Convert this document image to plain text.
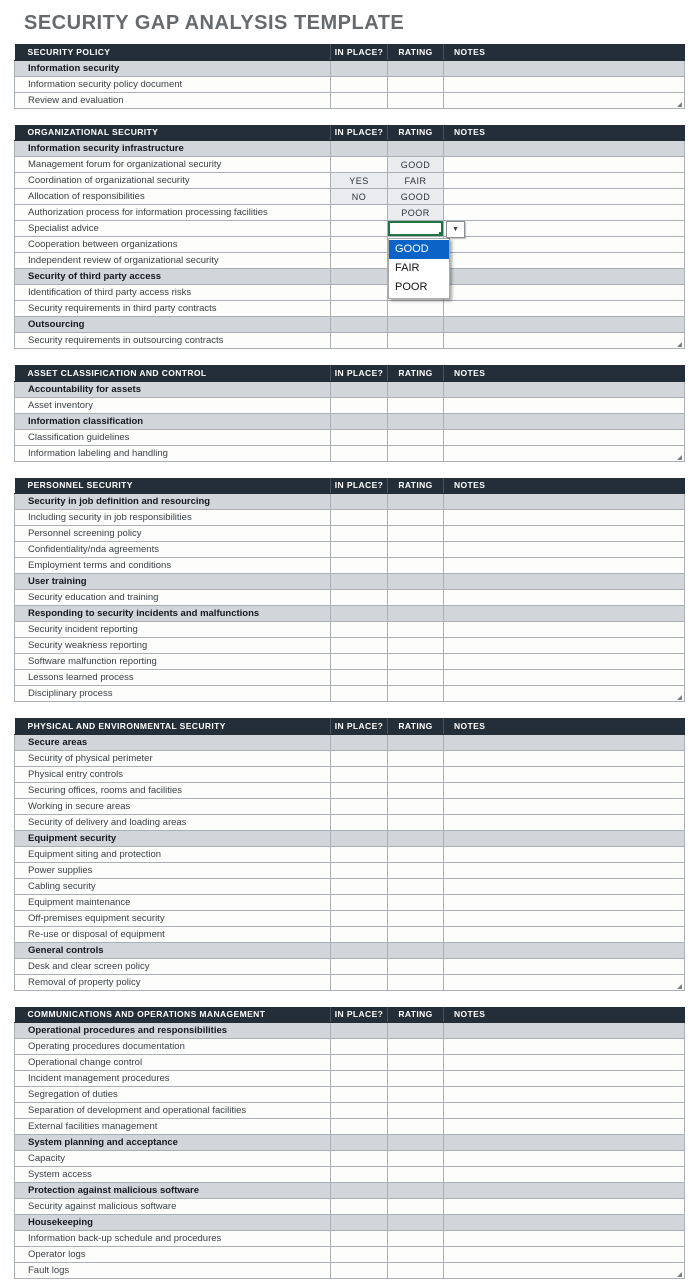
SECURITY GAP ANALYSIS TEMPLATE
SECURITY POLICY	IN PLACE?	RATING	NOTES
Information security			
Information security policy document			
Review and evaluation			
ORGANIZATIONAL SECURITY	IN PLACE?	RATING	NOTES
Information security infrastructure			
Management forum for organizational security		GOOD	
Coordination of organizational security	YES	FAIR	
Allocation of responsibilities	NO	GOOD	
Authorization process for information processing facilities		POOR	
Specialist advice			
Cooperation between organizations			
Independent review of organizational security			
Security of third party access			
Identification of third party access risks			
Security requirements in third party contracts			
Outsourcing			
Security requirements in outsourcing contracts			
▼
GOOD
FAIR
POOR
ASSET CLASSIFICATION AND CONTROL	IN PLACE?	RATING	NOTES
Accountability for assets			
Asset inventory			
Information classification			
Classification guidelines			
Information labeling and handling			
PERSONNEL SECURITY	IN PLACE?	RATING	NOTES
Security in job definition and resourcing			
Including security in job responsibilities			
Personnel screening policy			
Confidentiality/nda agreements			
Employment terms and conditions			
User training			
Security education and training			
Responding to security incidents and malfunctions			
Security incident reporting			
Security weakness reporting			
Software malfunction reporting			
Lessons learned process			
Disciplinary process			
PHYSICAL AND ENVIRONMENTAL SECURITY	IN PLACE?	RATING	NOTES
Secure areas			
Security of physical perimeter			
Physical entry controls			
Securing offices, rooms and facilities			
Working in secure areas			
Security of delivery and loading areas			
Equipment security			
Equipment siting and protection			
Power supplies			
Cabling security			
Equipment maintenance			
Off-premises equipment security			
Re-use or disposal of equipment			
General controls			
Desk and clear screen policy			
Removal of property policy			
COMMUNICATIONS AND OPERATIONS MANAGEMENT	IN PLACE?	RATING	NOTES
Operational procedures and responsibilities			
Operating procedures documentation			
Operational change control			
Incident management procedures			
Segregation of duties			
Separation of development and operational facilities			
External facilities management			
System planning and acceptance			
Capacity			
System access			
Protection against malicious software			
Security against malicious software			
Housekeeping			
Information back-up schedule and procedures			
Operator logs			
Fault logs			
